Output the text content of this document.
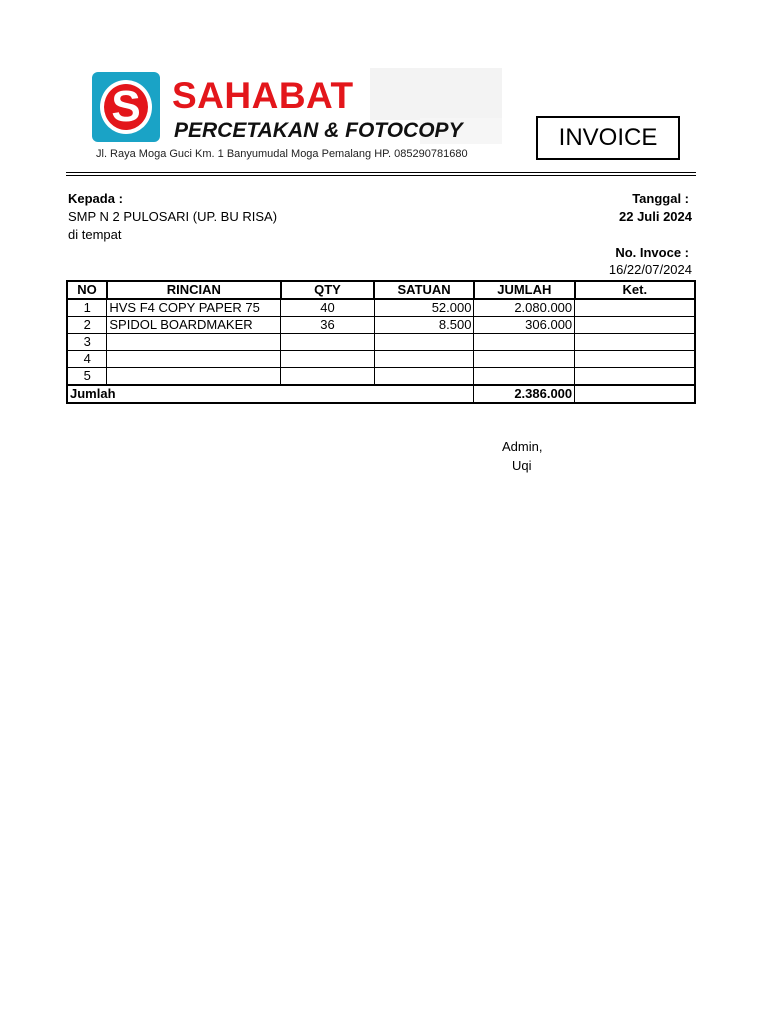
S SAHABAT
PERCETAKAN & FOTOCOPY
Jl. Raya Moga Guci Km. 1 Banyumudal Moga Pemalang HP. 085290781680
INVOICE
Kepada :
SMP N 2 PULOSARI (UP. BU RISA)
di tempat
Tanggal :
22 Juli 2024
No. Invoce :
16/22/07/2024
NO	RINCIAN	QTY	SATUAN	JUMLAH	Ket.
1	HVS F4 COPY PAPER 75	40	52.000	2.080.000	
2	SPIDOL BOARDMAKER	36	8.500	306.000	
3					
4					
5					
Jumlah				2.386.000	
Admin,
Uqi
